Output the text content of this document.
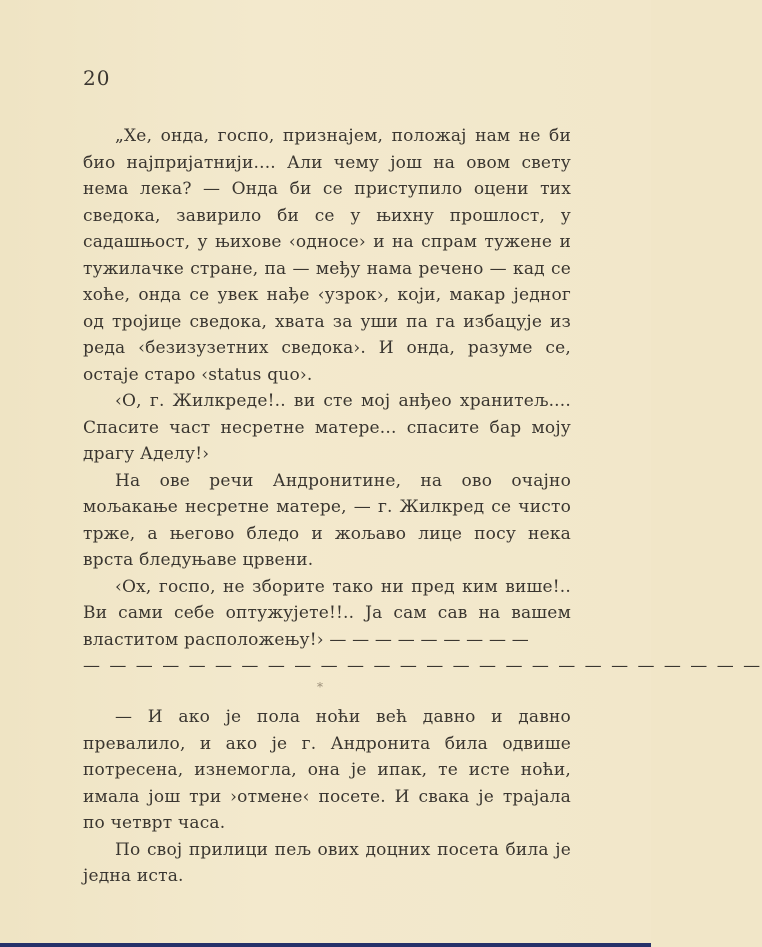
20

„Хе, онда, госпо, признајем, положај нам не би био најпријатнији.... Али чему још на овом свету нема лека? — Онда би се приступило оцени тих сведока, завирило би се у њихну прошлост, у садашњост, у њихове ‹односе› и на спрам тужене и тужилачке стране, па — међу нама речено — кад се хоће, онда се увек нађе ‹узрок›, који, макар једног од тројице сведока, хвата за уши па га избацује из реда ‹безизузетних сведока›. И онда, разуме се, остаје старо ‹status quo›.

‹О, г. Жилкреде!.. ви сте мој анђео хранитељ.... Спасите част несретне матере... спасите бар моју драгу Аделу!›

На ове речи Андронитине, на ово очајно мољакање несретне матере, — г. Жилкред се чисто трже, а његово бледо и жољаво лице посу нека врста бледуњаве црвени.

‹Ох, госпо, не зборите тако ни пред ким више!.. Ви сами себе оптужујете!!.. Ја сам сав на вашем властитом расположењу!› — — — — — — — — —

— — — — — — — — — — — — — — — — — — — — — — — — — —
*

— И ако је пола ноћи већ давно и давно превалило, и ако је г. Андронита била одвише потресена, изнемогла, она је ипак, те исте ноћи, имала још три ›отмене‹ посете. И свака је трајала по четврт часа.

По свој прилици пељ ових доцних посета била је једна иста.
